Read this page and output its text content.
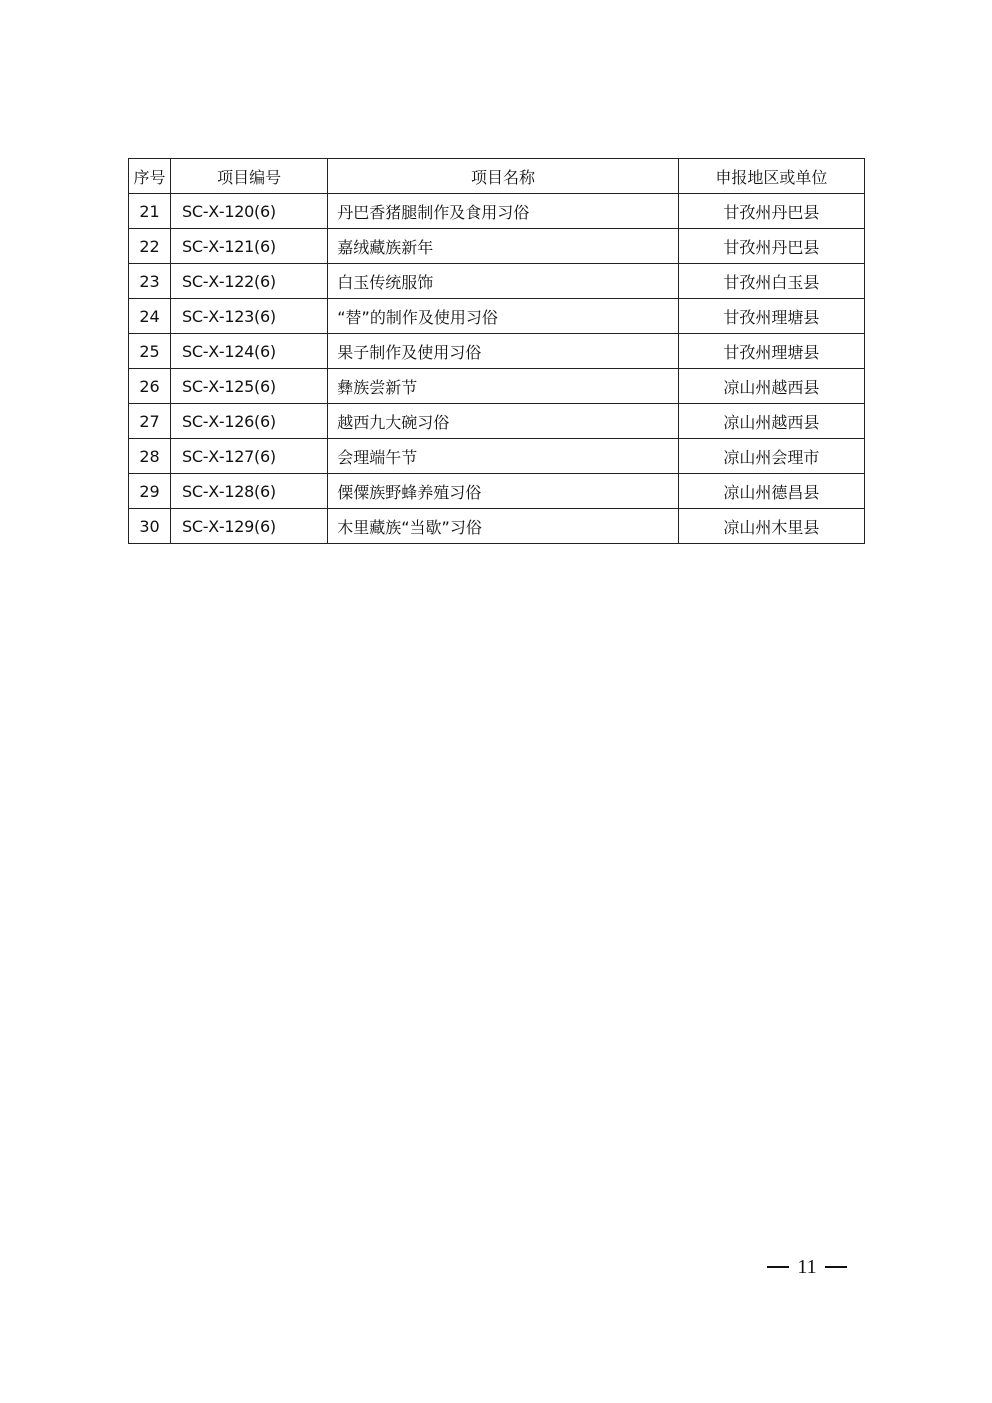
序号	项目编号	项目名称	申报地区或单位
21	SC-Ⅹ-120(6)	丹巴香猪腿制作及食用习俗	甘孜州丹巴县
22	SC-Ⅹ-121(6)	嘉绒藏族新年	甘孜州丹巴县
23	SC-Ⅹ-122(6)	白玉传统服饰	甘孜州白玉县
24	SC-Ⅹ-123(6)	“替”的制作及使用习俗	甘孜州理塘县
25	SC-Ⅹ-124(6)	果子制作及使用习俗	甘孜州理塘县
26	SC-Ⅹ-125(6)	彝族尝新节	凉山州越西县
27	SC-Ⅹ-126(6)	越西九大碗习俗	凉山州越西县
28	SC-Ⅹ-127(6)	会理端午节	凉山州会理市
29	SC-Ⅹ-128(6)	傈僳族野蜂养殖习俗	凉山州德昌县
30	SC-Ⅹ-129(6)	木里藏族“当歇”习俗	凉山州木里县
11
